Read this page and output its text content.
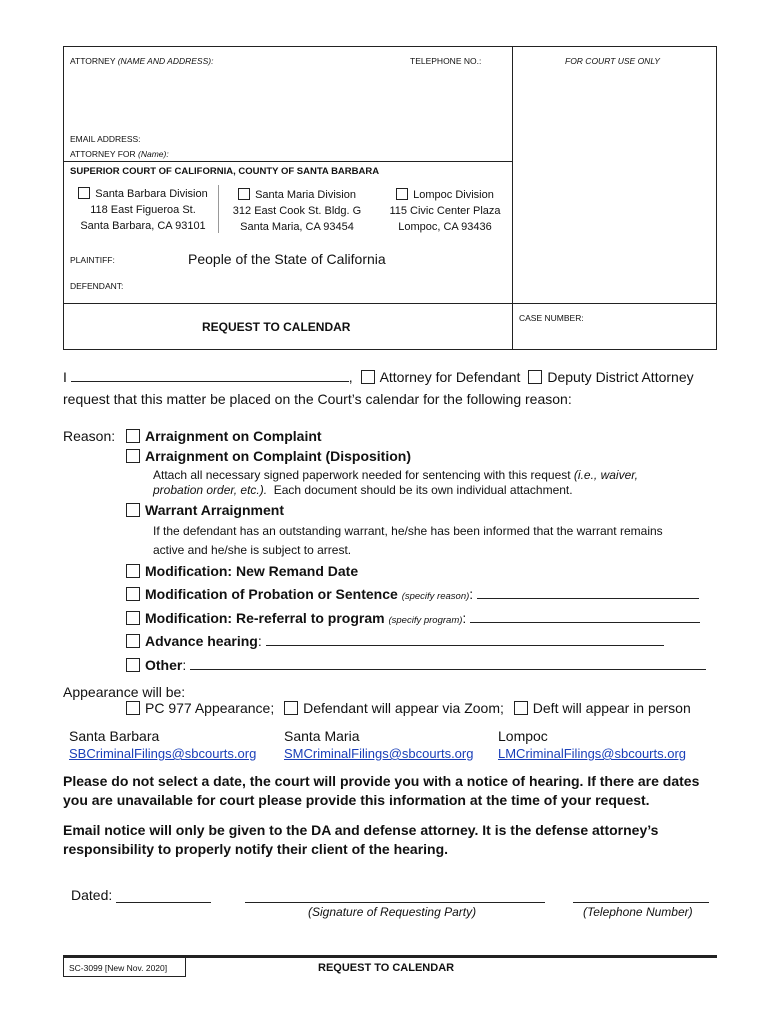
ATTORNEY (NAME AND ADDRESS):	TELEPHONE NO.:	FOR COURT USE ONLY
EMAIL ADDRESS:
ATTORNEY FOR (Name):
SUPERIOR COURT OF CALIFORNIA, COUNTY OF SANTA BARBARA
Santa Barbara Division
118 East Figueroa St.
Santa Barbara, CA 93101
Santa Maria Division
312 East Cook St. Bldg. G
Santa Maria, CA 93454
Lompoc Division
115 Civic Center Plaza
Lompoc, CA 93436
PLAINTIFF:	People of the State of California
DEFENDANT:
CASE NUMBER:
REQUEST TO CALENDAR
I	, Attorney for Defendant Deputy District Attorney
request that this matter be placed on the Court’s calendar for the following reason:
Reason:	Arraignment on Complaint
Arraignment on Complaint (Disposition)
Attach all necessary signed paperwork needed for sentencing with this request (i.e., waiver,
probation order, etc.). Each document should be its own individual attachment.
Warrant Arraignment
If the defendant has an outstanding warrant, he/she has been informed that the warrant remains
active and he/she is subject to arrest.
Modification: New Remand Date
Modification of Probation or Sentence (specify reason):
Modification: Re-referral to program (specify program):
Advance hearing:
Other:
Appearance will be:
PC 977 Appearance; Defendant will appear via Zoom; Deft will appear in person
Santa Barbara	Santa Maria	Lompoc
SBCriminalFilings@sbcourts.org SMCriminalFilings@sbcourts.org LMCriminalFilings@sbcourts.org
Please do not select a date, the court will provide you with a notice of hearing. If there are dates
you are unavailable for court please provide this information at the time of your request.
Email notice will only be given to the DA and defense attorney. It is the defense attorney’s
responsibility to properly notify their client of the hearing.
Dated:
(Signature of Requesting Party)	(Telephone Number)
SC-3099 [New Nov. 2020]	REQUEST TO CALENDAR
